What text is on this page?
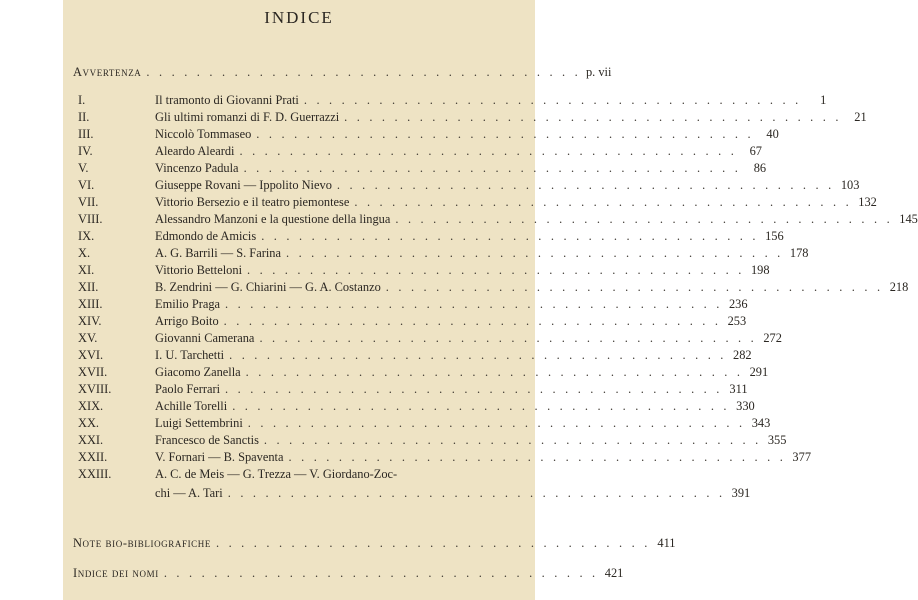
INDICE
Avvertenza . . . . . . . . . . . . . . . . . . . . . . . . . . . . . . . . . . . p. vii
I.	Il tramonto di Giovanni Prati . . . . . . . . . . . . . . . . . . . . . . . . . . . . . . . . . . . . . . . .	1
II.	Gli ultimi romanzi di F. D. Guerrazzi . . . . . . . . . . . . . . . . . . . . . . . . . . . . . . . . . . . . . . . .	21
III.	Niccolò Tommaseo . . . . . . . . . . . . . . . . . . . . . . . . . . . . . . . . . . . . . . . .	40
IV.	Aleardo Aleardi . . . . . . . . . . . . . . . . . . . . . . . . . . . . . . . . . . . . . . . .	67
V.	Vincenzo Padula . . . . . . . . . . . . . . . . . . . . . . . . . . . . . . . . . . . . . . . .	86
VI.	Giuseppe Rovani — Ippolito Nievo . . . . . . . . . . . . . . . . . . . . . . . . . . . . . . . . . . . . . . . . 103
VII.	Vittorio Bersezio e il teatro piemontese . . . . . . . . . . . . . . . . . . . . . . . . . . . . . . . . . . . . . . . . 132
VIII.	Alessandro Manzoni e la questione della lingua . . . . . . . . . . . . . . . . . . . . . . . . . . . . . . . . . . . . . . . . 145
IX.	Edmondo de Amicis . . . . . . . . . . . . . . . . . . . . . . . . . . . . . . . . . . . . . . . . 156
X.	A. G. Barrili — S. Farina . . . . . . . . . . . . . . . . . . . . . . . . . . . . . . . . . . . . . . . . 178
XI.	Vittorio Betteloni . . . . . . . . . . . . . . . . . . . . . . . . . . . . . . . . . . . . . . . . 198
XII.	B. Zendrini — G. Chiarini — G. A. Costanzo . . . . . . . . . . . . . . . . . . . . . . . . . . . . . . . . . . . . . . . . 218
XIII.	Emilio Praga . . . . . . . . . . . . . . . . . . . . . . . . . . . . . . . . . . . . . . . . 236
XIV.	Arrigo Boito . . . . . . . . . . . . . . . . . . . . . . . . . . . . . . . . . . . . . . . . 253
XV.	Giovanni Camerana . . . . . . . . . . . . . . . . . . . . . . . . . . . . . . . . . . . . . . . . 272
XVI.	I. U. Tarchetti . . . . . . . . . . . . . . . . . . . . . . . . . . . . . . . . . . . . . . . . 282
XVII.	Giacomo Zanella . . . . . . . . . . . . . . . . . . . . . . . . . . . . . . . . . . . . . . . . 291
XVIII.	Paolo Ferrari . . . . . . . . . . . . . . . . . . . . . . . . . . . . . . . . . . . . . . . . 311
XIX.	Achille Torelli . . . . . . . . . . . . . . . . . . . . . . . . . . . . . . . . . . . . . . . . 330
XX.	Luigi Settembrini . . . . . . . . . . . . . . . . . . . . . . . . . . . . . . . . . . . . . . . . 343
XXI.	Francesco de Sanctis . . . . . . . . . . . . . . . . . . . . . . . . . . . . . . . . . . . . . . . . 355
XXII.	V. Fornari — B. Spaventa . . . . . . . . . . . . . . . . . . . . . . . . . . . . . . . . . . . . . . . . 377
XXIII.	A. C. de Meis — G. Trezza — V. Giordano-Zoc-
chi — A. Tari . . . . . . . . . . . . . . . . . . . . . . . . . . . . . . . . . . . . . . . . 391
Note bio-bibliografiche . . . . . . . . . . . . . . . . . . . . . . . . . . . . . . . . . . . 411
Indice dei nomi . . . . . . . . . . . . . . . . . . . . . . . . . . . . . . . . . . . 421
